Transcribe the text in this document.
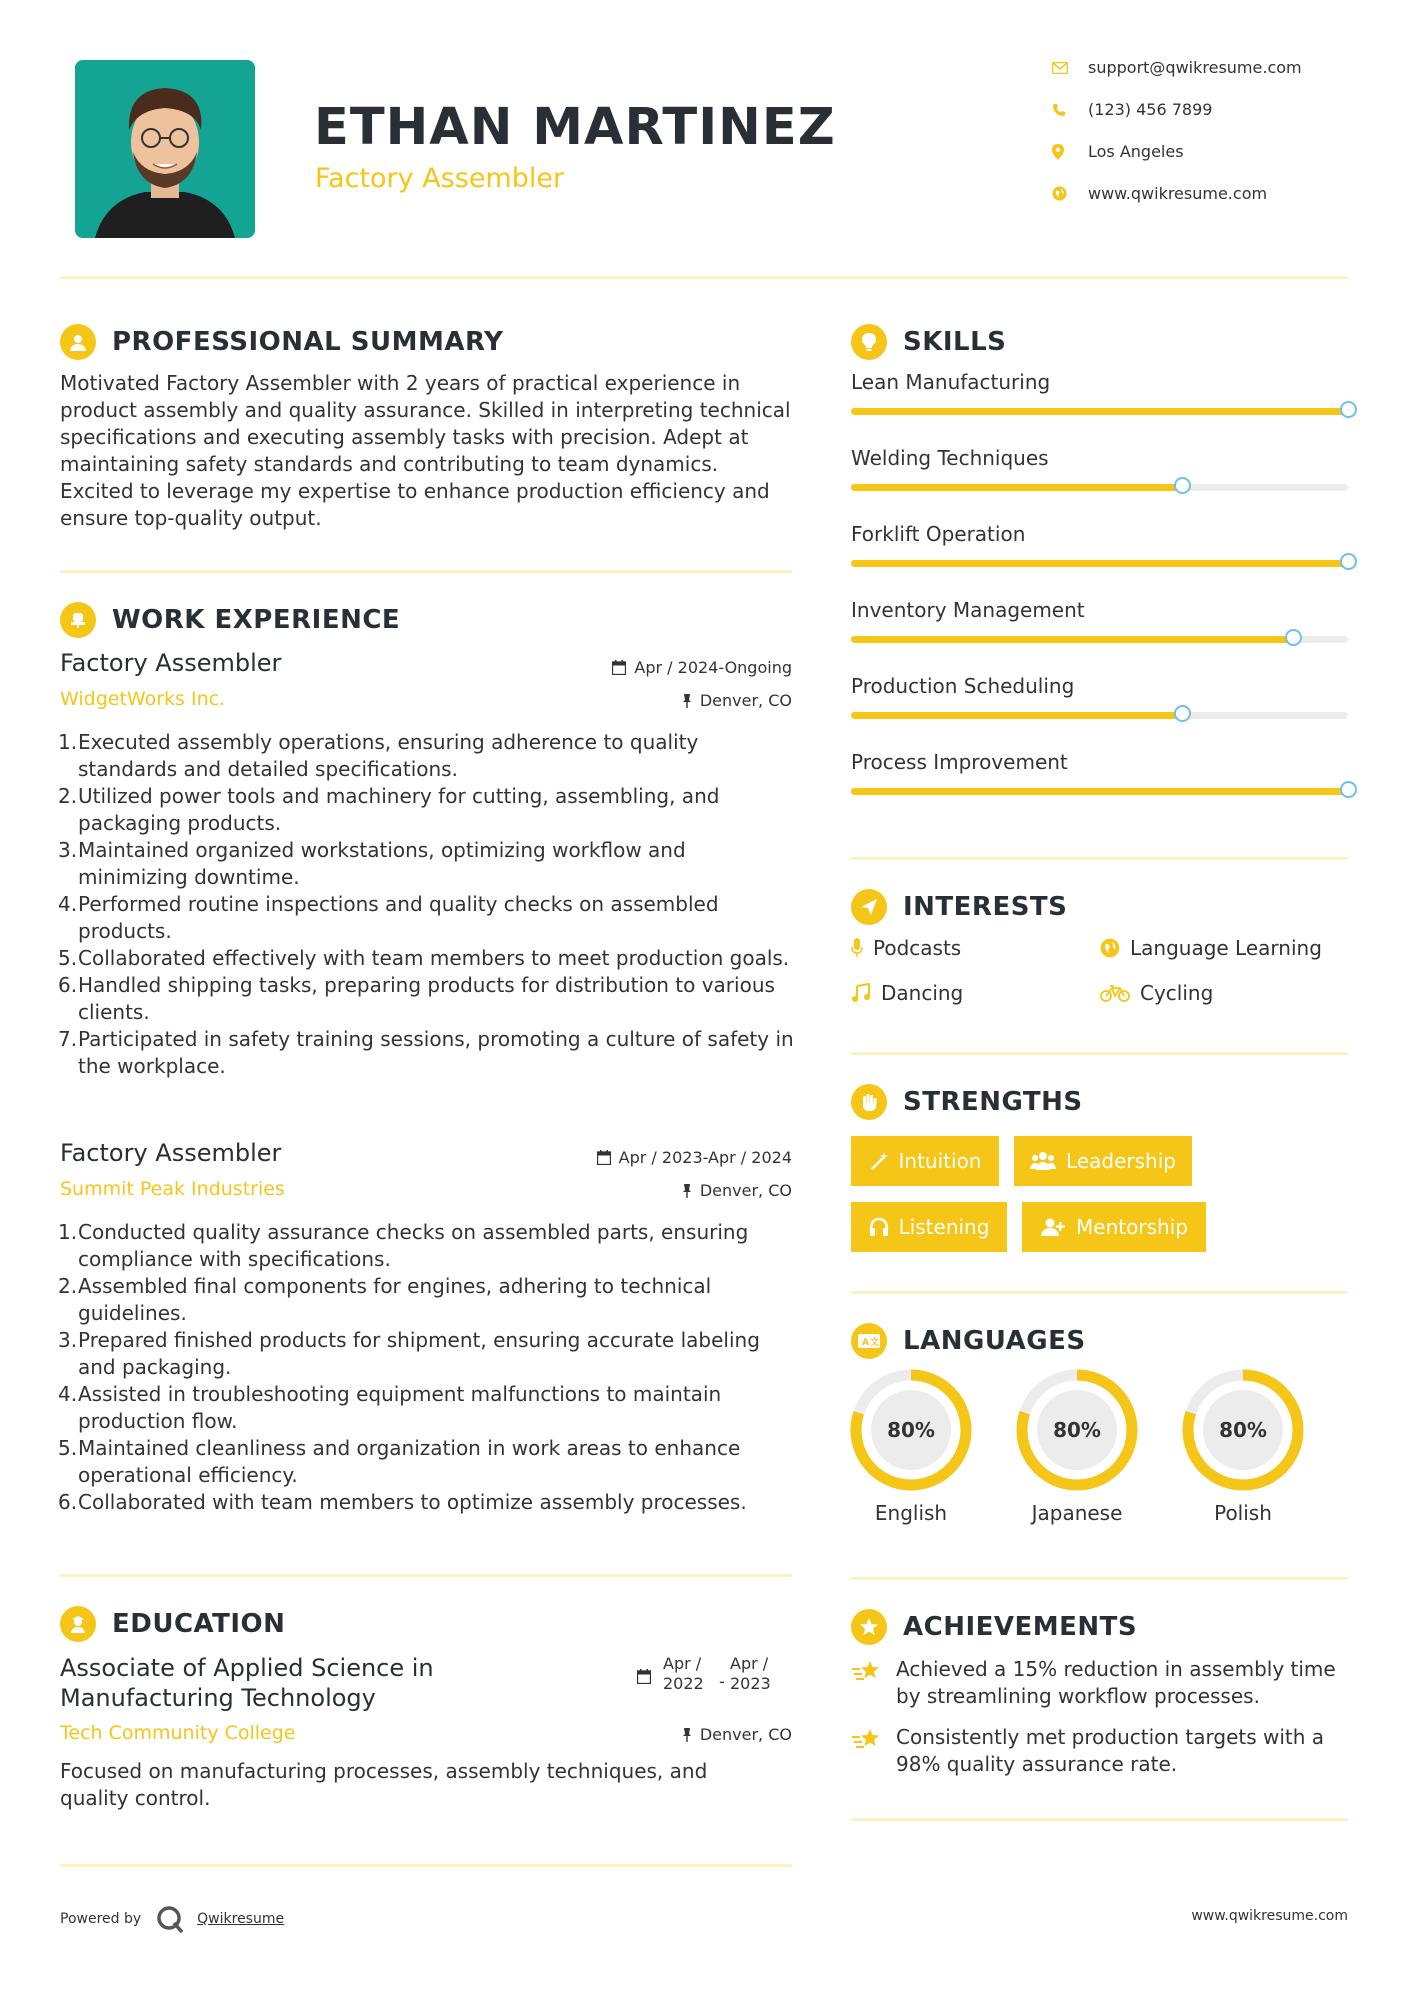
ETHAN MARTINEZ
Factory Assembler
support@qwikresume.com
(123) 456 7899
Los Angeles
www.qwikresume.com
PROFESSIONAL SUMMARY
Motivated Factory Assembler with 2 years of practical experience in product assembly and quality assurance. Skilled in interpreting technical specifications and executing assembly tasks with precision. Adept at maintaining safety standards and contributing to team dynamics. Excited to leverage my expertise to enhance production efficiency and ensure top-quality output.
WORK EXPERIENCE
Factory Assembler	Apr / 2024-Ongoing
WidgetWorks Inc.	Denver, CO
1. Executed assembly operations, ensuring adherence to quality standards and detailed specifications.
2. Utilized power tools and machinery for cutting, assembling, and packaging products.
3. Maintained organized workstations, optimizing workflow and minimizing downtime.
4. Performed routine inspections and quality checks on assembled products.
5. Collaborated effectively with team members to meet production goals.
6. Handled shipping tasks, preparing products for distribution to various clients.
7. Participated in safety training sessions, promoting a culture of safety in the workplace.
Factory Assembler	Apr / 2023-Apr / 2024
Summit Peak Industries	Denver, CO
1. Conducted quality assurance checks on assembled parts, ensuring compliance with specifications.
2. Assembled final components for engines, adhering to technical guidelines.
3. Prepared finished products for shipment, ensuring accurate labeling and packaging.
4. Assisted in troubleshooting equipment malfunctions to maintain production flow.
5. Maintained cleanliness and organization in work areas to enhance operational efficiency.
6. Collaborated with team members to optimize assembly processes.
EDUCATION
Associate of Applied Science in
Manufacturing Technology
Apr /
2022 -
Apr /
2023
Tech Community College	Denver, CO
Focused on manufacturing processes, assembly techniques, and quality control.
SKILLS
Lean Manufacturing
Welding Techniques
Forklift Operation
Inventory Management
Production Scheduling
Process Improvement
INTERESTS
Podcasts	Language Learning
Dancing	Cycling
STRENGTHS
Intuition	Leadership
Listening	Mentorship
A 文 LANGUAGES
80%
English
80%
Japanese
80%
Polish
ACHIEVEMENTS
Achieved a 15% reduction in assembly time by streamlining workflow processes.
Consistently met production targets with a 98% quality assurance rate.
Powered by	Qwikresume	www.qwikresume.com
